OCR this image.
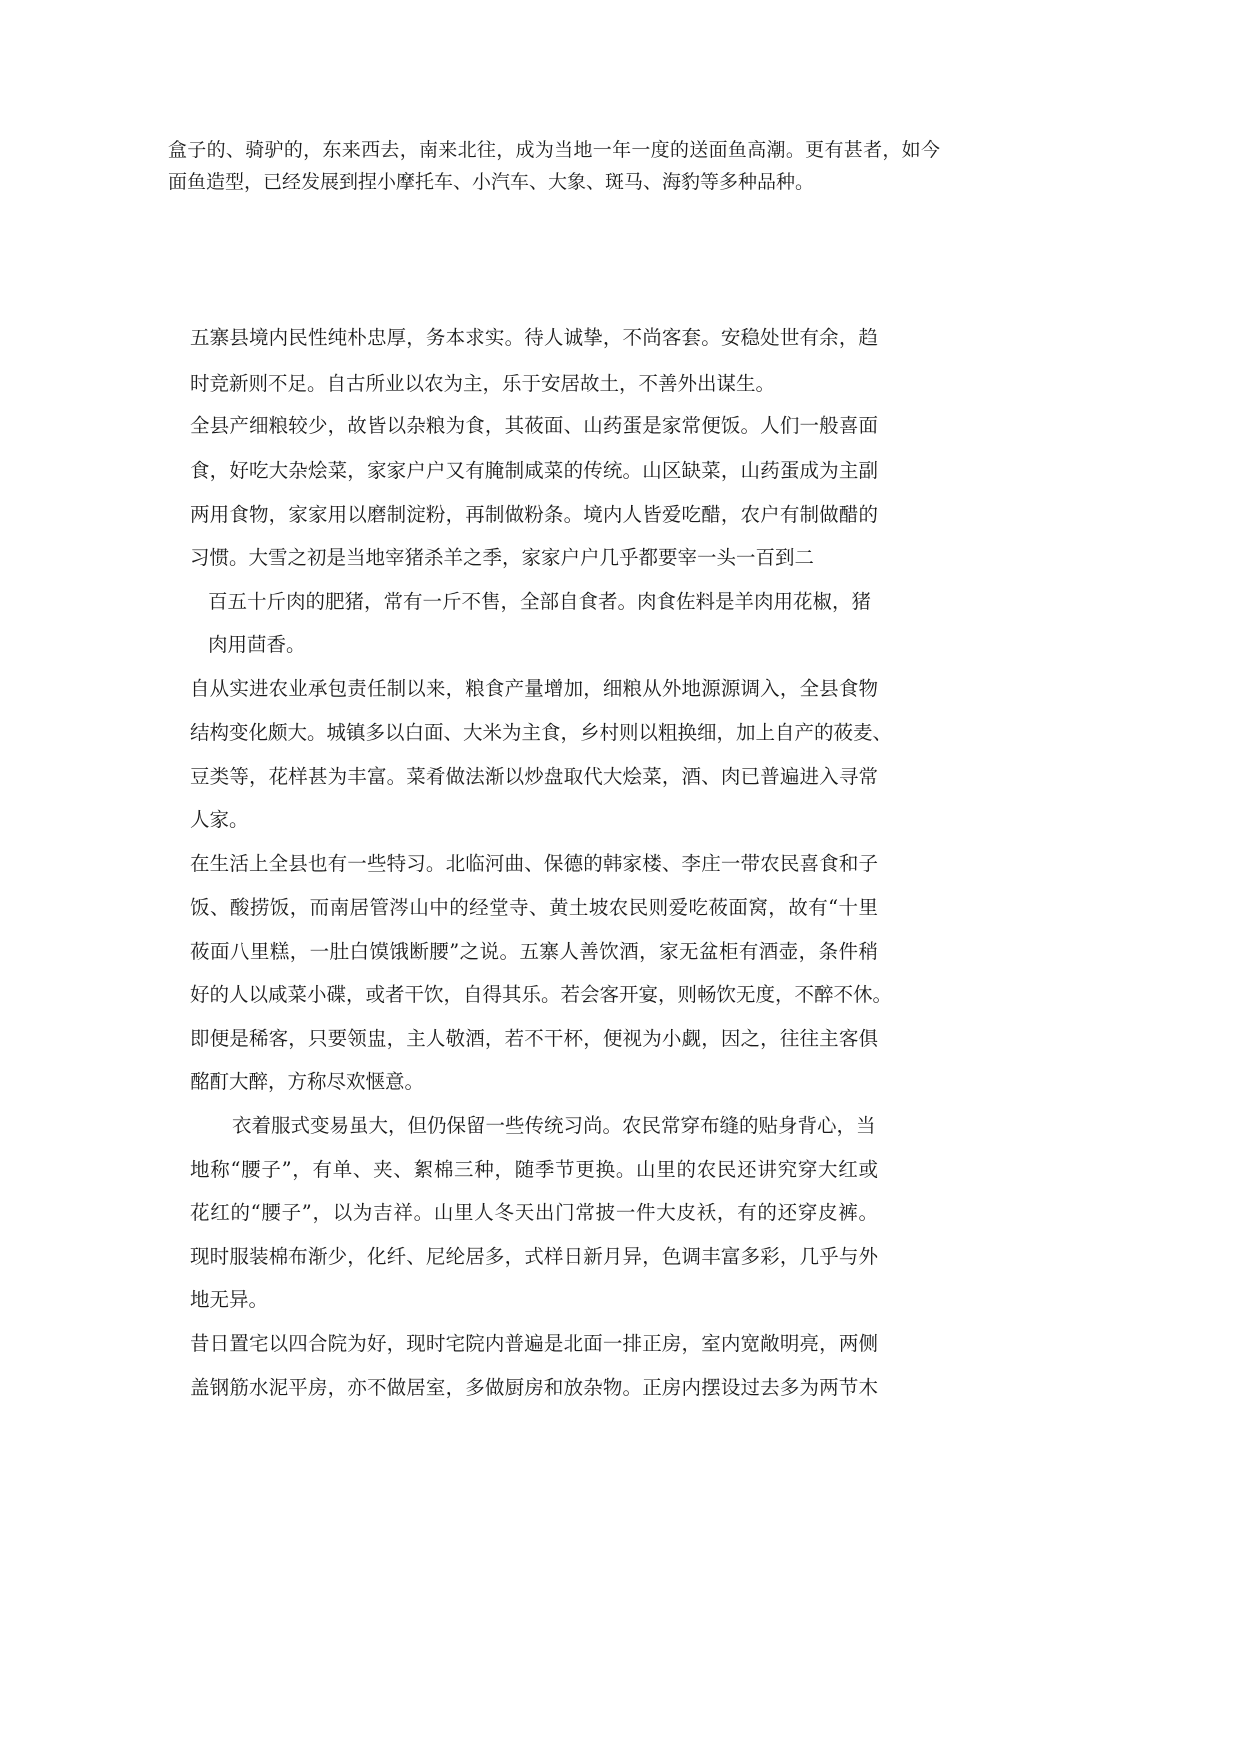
盒子的、骑驴的，东来西去，南来北往，成为当地一年一度的送面鱼高潮。更有甚者，如今
面鱼造型，已经发展到捏小摩托车、小汽车、大象、斑马、海豹等多种品种。
五寨县境内民性纯朴忠厚，务本求实。待人诚挚，不尚客套。安稳处世有余，趋
时竞新则不足。自古所业以农为主，乐于安居故土，不善外出谋生。
全县产细粮较少，故皆以杂粮为食，其莜面、山药蛋是家常便饭。人们一般喜面
食，好吃大杂烩菜，家家户户又有腌制咸菜的传统。山区缺菜，山药蛋成为主副
两用食物，家家用以磨制淀粉，再制做粉条。境内人皆爱吃醋，农户有制做醋的
习惯。大雪之初是当地宰猪杀羊之季，家家户户几乎都要宰一头一百到二
百五十斤肉的肥猪，常有一斤不售，全部自食者。肉食佐料是羊肉用花椒，猪
肉用茴香。
自从实进农业承包责任制以来，粮食产量增加，细粮从外地源源调入，全县食物
结构变化颇大。城镇多以白面、大米为主食，乡村则以粗换细，加上自产的莜麦、
豆类等，花样甚为丰富。菜肴做法渐以炒盘取代大烩菜，酒、肉已普遍进入寻常
人家。
在生活上全县也有一些特习。北临河曲、保德的韩家楼、李庄一带农民喜食和子
饭、酸捞饭，而南居管涔山中的经堂寺、黄土坡农民则爱吃莜面窝，故有“十里
莜面八里糕，一肚白馍饿断腰”之说。五寨人善饮酒，家无盆柜有酒壶，条件稍
好的人以咸菜小碟，或者干饮，自得其乐。若会客开宴，则畅饮无度，不醉不休。
即便是稀客，只要领盅，主人敬酒，若不干杯，便视为小觑，因之，往往主客俱
酩酊大醉，方称尽欢惬意。
衣着服式变易虽大，但仍保留一些传统习尚。农民常穿布缝的贴身背心，当
地称“腰子”，有单、夹、絮棉三种，随季节更换。山里的农民还讲究穿大红或
花红的“腰子”，以为吉祥。山里人冬天出门常披一件大皮袄，有的还穿皮裤。
现时服装棉布渐少，化纤、尼纶居多，式样日新月异，色调丰富多彩，几乎与外
地无异。
昔日置宅以四合院为好，现时宅院内普遍是北面一排正房，室内宽敞明亮，两侧
盖钢筋水泥平房，亦不做居室，多做厨房和放杂物。正房内摆设过去多为两节木
